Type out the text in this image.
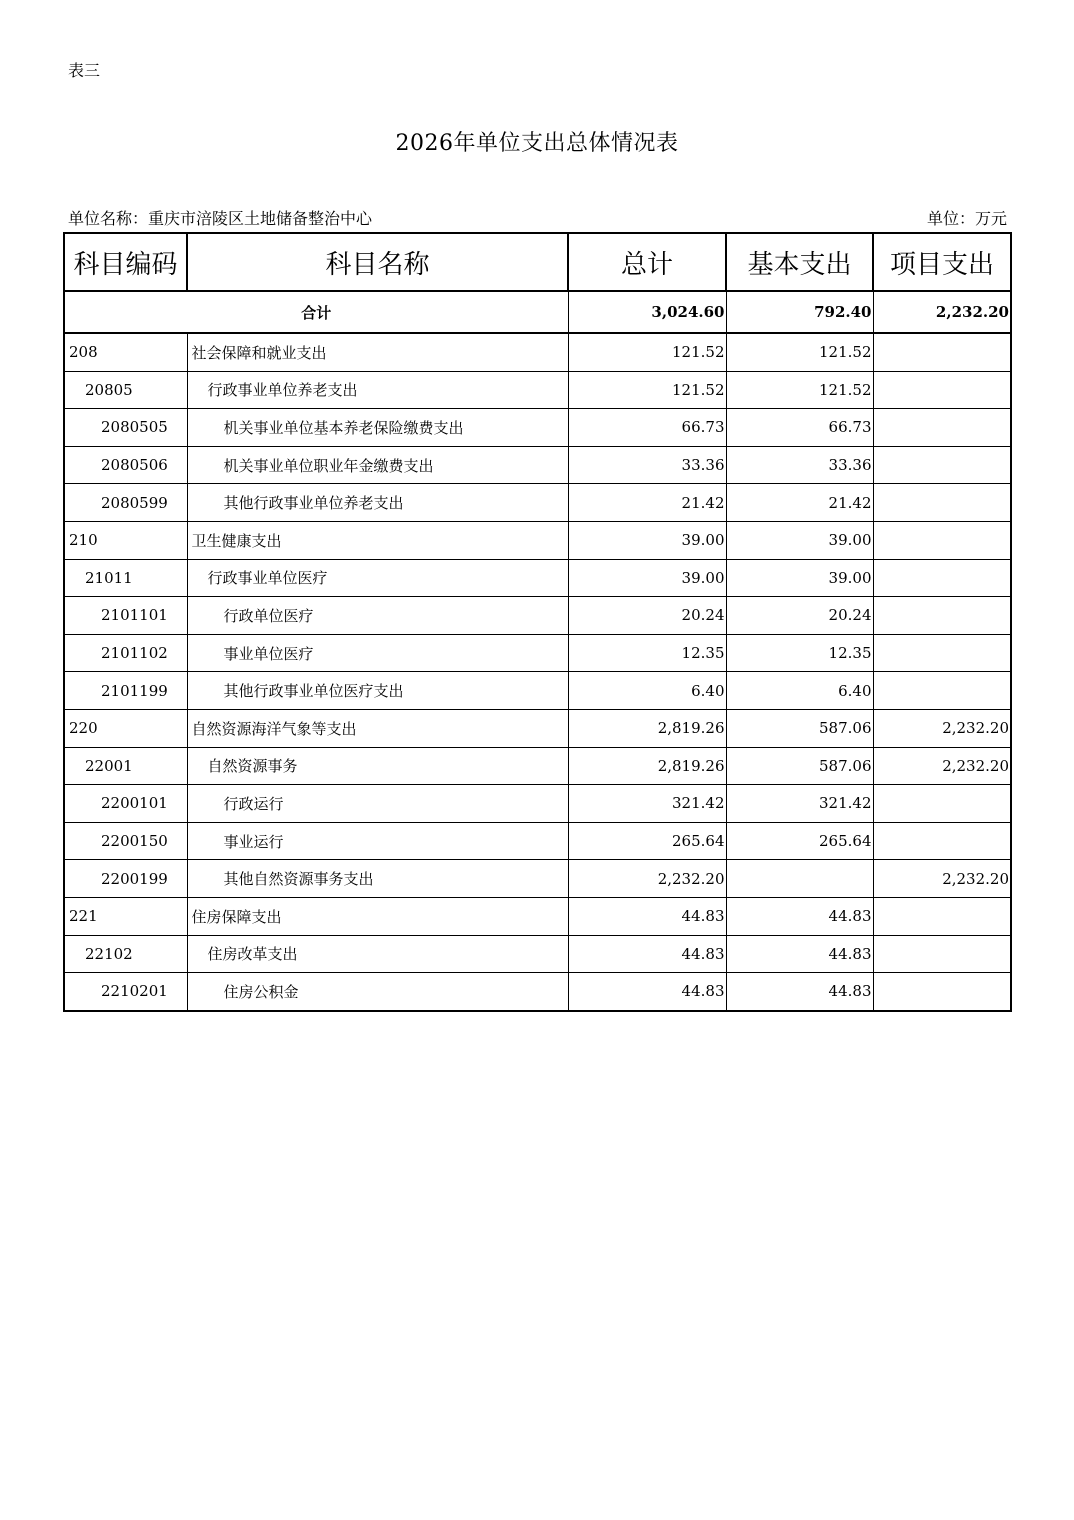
表三
2026年单位支出总体情况表
单位名称：重庆市涪陵区土地储备整治中心	单位：万元
科目编码	科目名称	总计	基本支出	项目支出
合计		3,024.60	792.40	2,232.20
208	社会保障和就业支出	121.52	121.52	
20805	行政事业单位养老支出	121.52	121.52	
2080505	机关事业单位基本养老保险缴费支出	66.73	66.73	
2080506	机关事业单位职业年金缴费支出	33.36	33.36	
2080599	其他行政事业单位养老支出	21.42	21.42	
210	卫生健康支出	39.00	39.00	
21011	行政事业单位医疗	39.00	39.00	
2101101	行政单位医疗	20.24	20.24	
2101102	事业单位医疗	12.35	12.35	
2101199	其他行政事业单位医疗支出	6.40	6.40	
220	自然资源海洋气象等支出	2,819.26	587.06	2,232.20
22001	自然资源事务	2,819.26	587.06	2,232.20
2200101	行政运行	321.42	321.42	
2200150	事业运行	265.64	265.64	
2200199	其他自然资源事务支出	2,232.20		2,232.20
221	住房保障支出	44.83	44.83	
22102	住房改革支出	44.83	44.83	
2210201	住房公积金	44.83	44.83	
